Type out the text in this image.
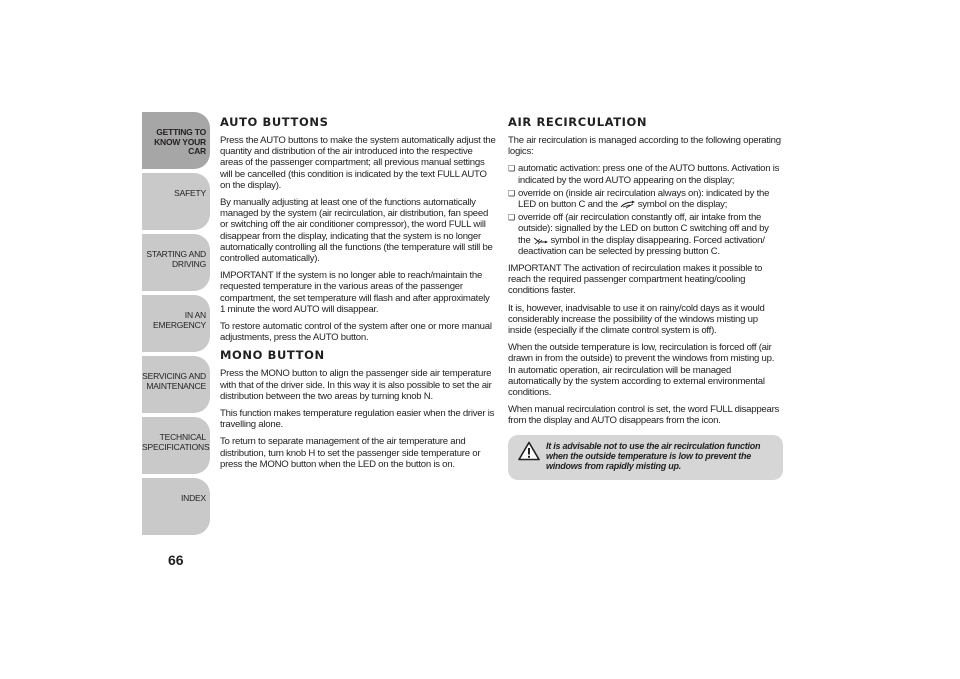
GETTING TO
KNOW YOUR CAR
SAFETY
STARTING AND
DRIVING
IN AN EMERGENCY
SERVICING AND
MAINTENANCE
TECHNICAL
SPECIFICATIONS
INDEX
66
AUTO BUTTONS

Press the AUTO buttons to make the system automatically adjust the quantity and distribution of the air introduced into the respective areas of the passenger compartment; all previous manual settings will be cancelled (this condition is indicated by the text FULL AUTO on the display).

By manually adjusting at least one of the functions automatically managed by the system (air recirculation, air distribution, fan speed or switching off the air conditioner compressor), the word FULL will disappear from the display, indicating that the system is no longer automatically controlling all the functions (the temperature will still be controlled automatically).

IMPORTANT If the system is no longer able to reach/maintain the requested temperature in the various areas of the passenger compartment, the set temperature will flash and after approximately 1 minute the word AUTO will disappear.

To restore automatic control of the system after one or more manual adjustments, press the AUTO button.

MONO BUTTON

Press the MONO button to align the passenger side air temperature with that of the driver side. In this way it is also possible to set the air distribution between the two areas by turning knob N.

This function makes temperature regulation easier when the driver is travelling alone.

To return to separate management of the air temperature and distribution, turn knob H to set the passenger side temperature or press the MONO button when the LED on the button is on.

AIR RECIRCULATION

The air recirculation is managed according to the following operating logics:

❑ automatic activation: press one of the AUTO buttons. Activation is indicated by the word AUTO appearing on the display;
❑ override on (inside air recirculation always on): indicated by the LED on button C and the symbol on the display;
❑ override off (air recirculation constantly off, air intake from the outside): signalled by the LED on button C switching off and by the symbol in the display disappearing. Forced activation/ deactivation can be selected by pressing button C.

IMPORTANT The activation of recirculation makes it possible to reach the required passenger compartment heating/cooling conditions faster.

It is, however, inadvisable to use it on rainy/cold days as it would considerably increase the possibility of the windows misting up inside (especially if the climate control system is off).

When the outside temperature is low, recirculation is forced off (air drawn in from the outside) to prevent the windows from misting up. In automatic operation, air recirculation will be managed automatically by the system according to external environmental conditions.

When manual recirculation control is set, the word FULL disappears from the display and AUTO disappears from the icon.

It is advisable not to use the air recirculation function when the outside temperature is low to prevent the windows from rapidly misting up.
